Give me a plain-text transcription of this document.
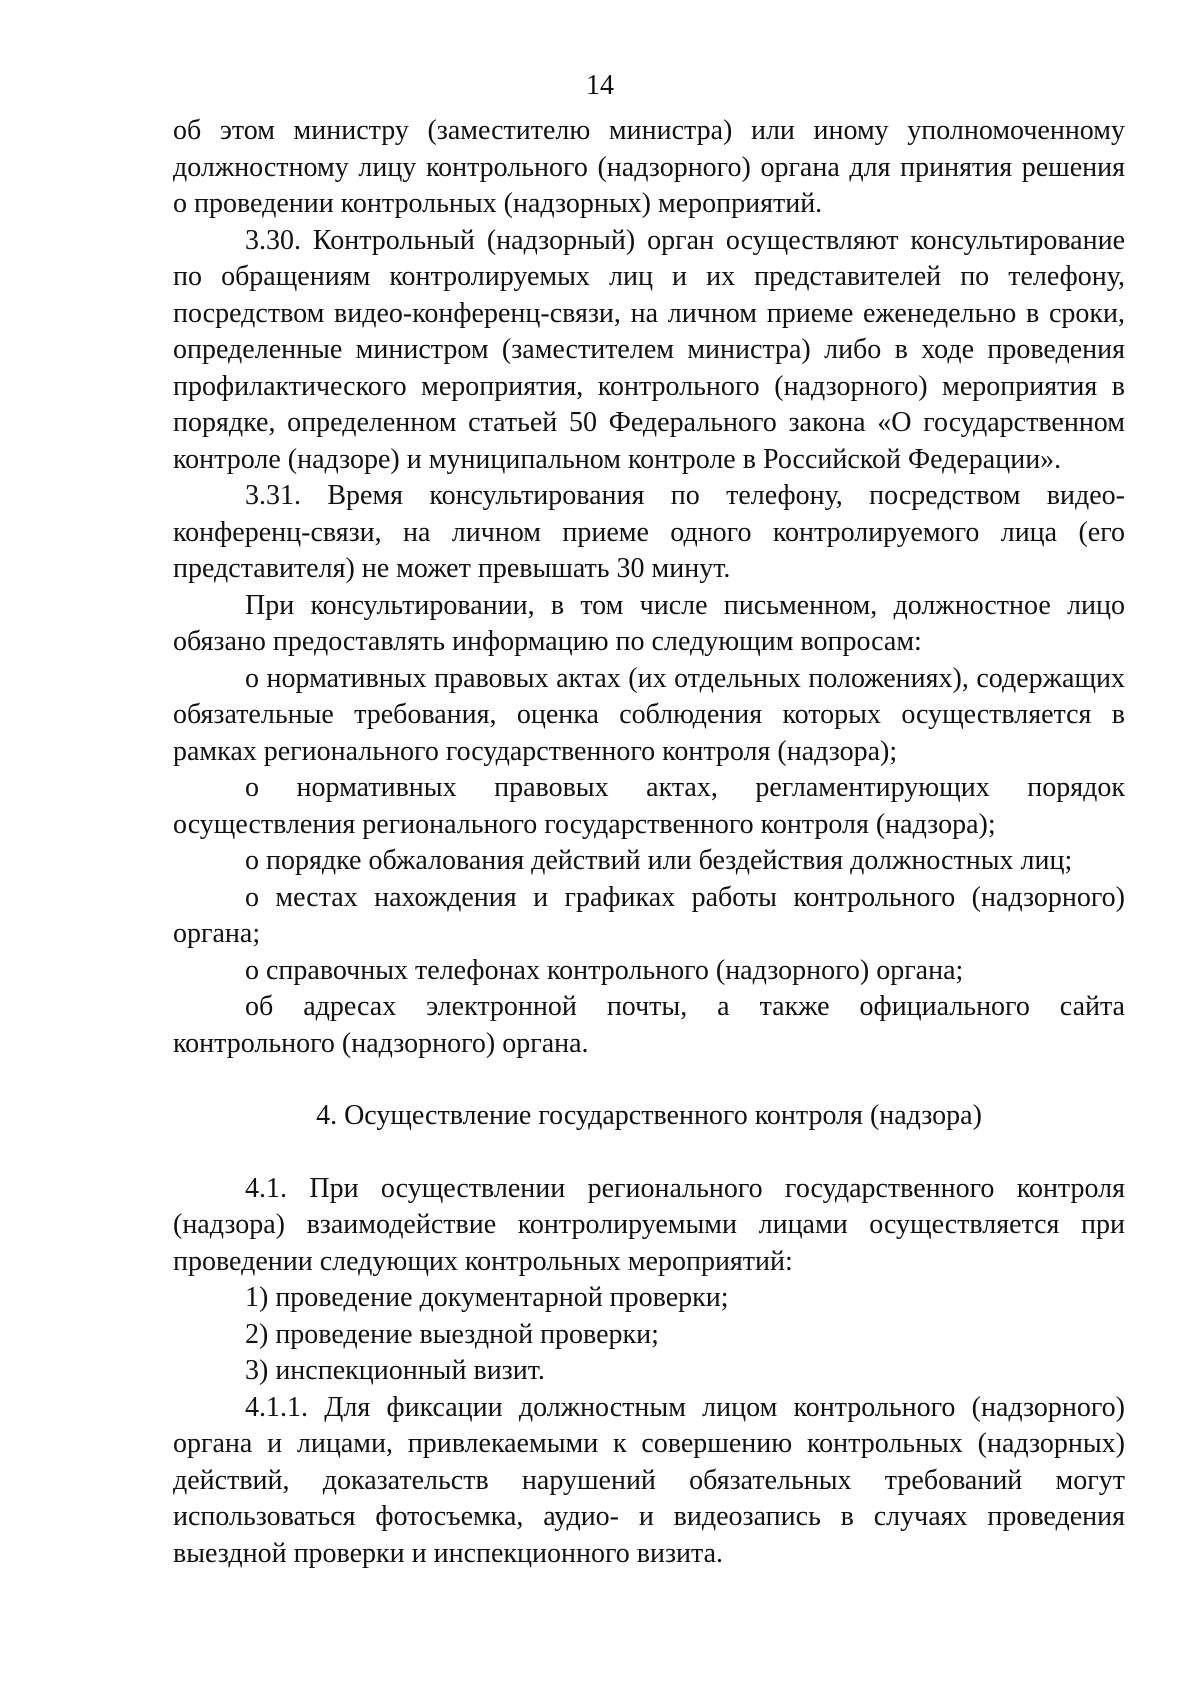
14

об этом министру (заместителю министра) или иному уполномоченному должностному лицу контрольного (надзорного) органа для принятия решения о проведении контрольных (надзорных) мероприятий.

3.30. Контрольный (надзорный) орган осуществляют консультирование по обращениям контролируемых лиц и их представителей по телефону, посредством видео-конференц-связи, на личном приеме еженедельно в сроки, определенные министром (заместителем министра) либо в ходе проведения профилактического мероприятия, контрольного (надзорного) мероприятия в порядке, определенном статьей 50 Федерального закона «О государственном контроле (надзоре) и муниципальном контроле в Российской Федерации».

3.31. Время консультирования по телефону, посредством видео-конференц-связи, на личном приеме одного контролируемого лица (его представителя) не может превышать 30 минут.

При консультировании, в том числе письменном, должностное лицо обязано предоставлять информацию по следующим вопросам:

о нормативных правовых актах (их отдельных положениях), содержащих обязательные требования, оценка соблюдения которых осуществляется в рамках регионального государственного контроля (надзора);

о нормативных правовых актах, регламентирующих порядок осуществления регионального государственного контроля (надзора);

о порядке обжалования действий или бездействия должностных лиц;

о местах нахождения и графиках работы контрольного (надзорного) органа;

о справочных телефонах контрольного (надзорного) органа;

об адресах электронной почты, а также официального сайта контрольного (надзорного) органа.

4. Осуществление государственного контроля (надзора)

4.1. При осуществлении регионального государственного контроля (надзора) взаимодействие контролируемыми лицами осуществляется при проведении следующих контрольных мероприятий:

1) проведение документарной проверки;

2) проведение выездной проверки;

3) инспекционный визит.

4.1.1. Для фиксации должностным лицом контрольного (надзорного) органа и лицами, привлекаемыми к совершению контрольных (надзорных) действий, доказательств нарушений обязательных требований могут использоваться фотосъемка, аудио- и видеозапись в случаях проведения выездной проверки и инспекционного визита.
